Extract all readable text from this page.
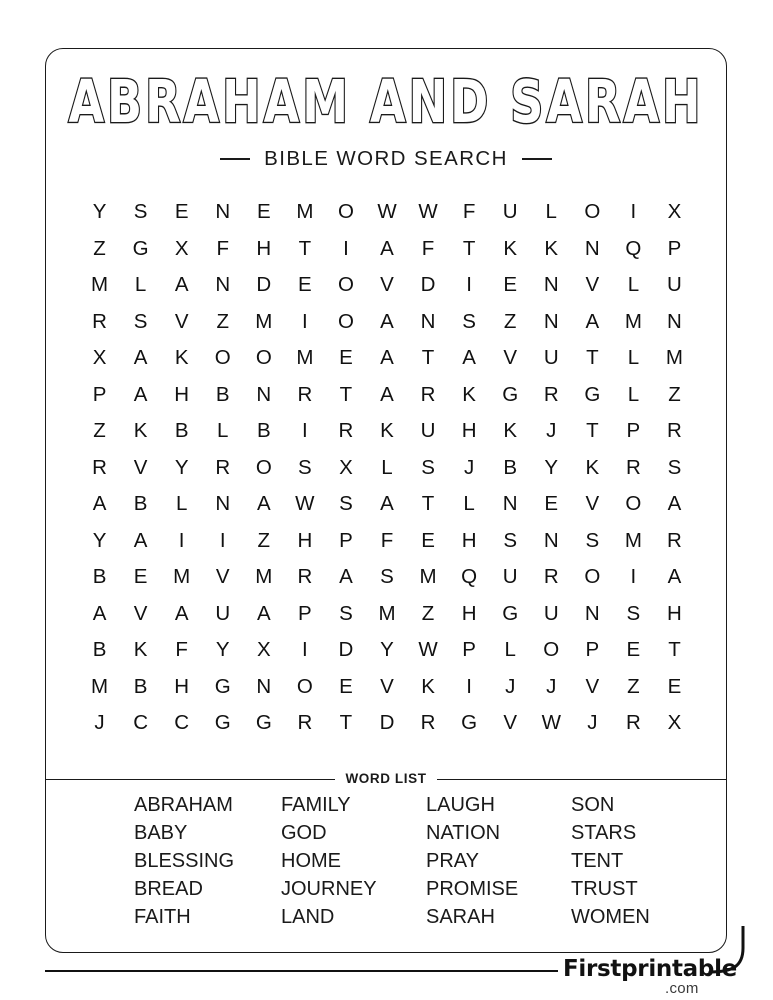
ABRAHAM AND SARAH
BIBLE WORD SEARCH
Y	S	E	N	E	M	O	W	W	F	U	L	O	I	X
Z	G	X	F	H	T	I	A	F	T	K	K	N	Q	P
M	L	A	N	D	E	O	V	D	I	E	N	V	L	U
R	S	V	Z	M	I	O	A	N	S	Z	N	A	M	N
X	A	K	O	O	M	E	A	T	A	V	U	T	L	M
P	A	H	B	N	R	T	A	R	K	G	R	G	L	Z
Z	K	B	L	B	I	R	K	U	H	K	J	T	P	R
R	V	Y	R	O	S	X	L	S	J	B	Y	K	R	S
A	B	L	N	A	W	S	A	T	L	N	E	V	O	A
Y	A	I	I	Z	H	P	F	E	H	S	N	S	M	R
B	E	M	V	M	R	A	S	M	Q	U	R	O	I	A
A	V	A	U	A	P	S	M	Z	H	G	U	N	S	H
B	K	F	Y	X	I	D	Y	W	P	L	O	P	E	T
M	B	H	G	N	O	E	V	K	I	J	J	V	Z	E
J	C	C	G	G	R	T	D	R	G	V	W	J	R	X
WORD LIST
ABRAHAM
BABY
BLESSING
BREAD
FAITH
FAMILY
GOD
HOME
JOURNEY
LAND
LAUGH
NATION
PRAY
PROMISE
SARAH
SON
STARS
TENT
TRUST
WOMEN
Firstprintable
.com
